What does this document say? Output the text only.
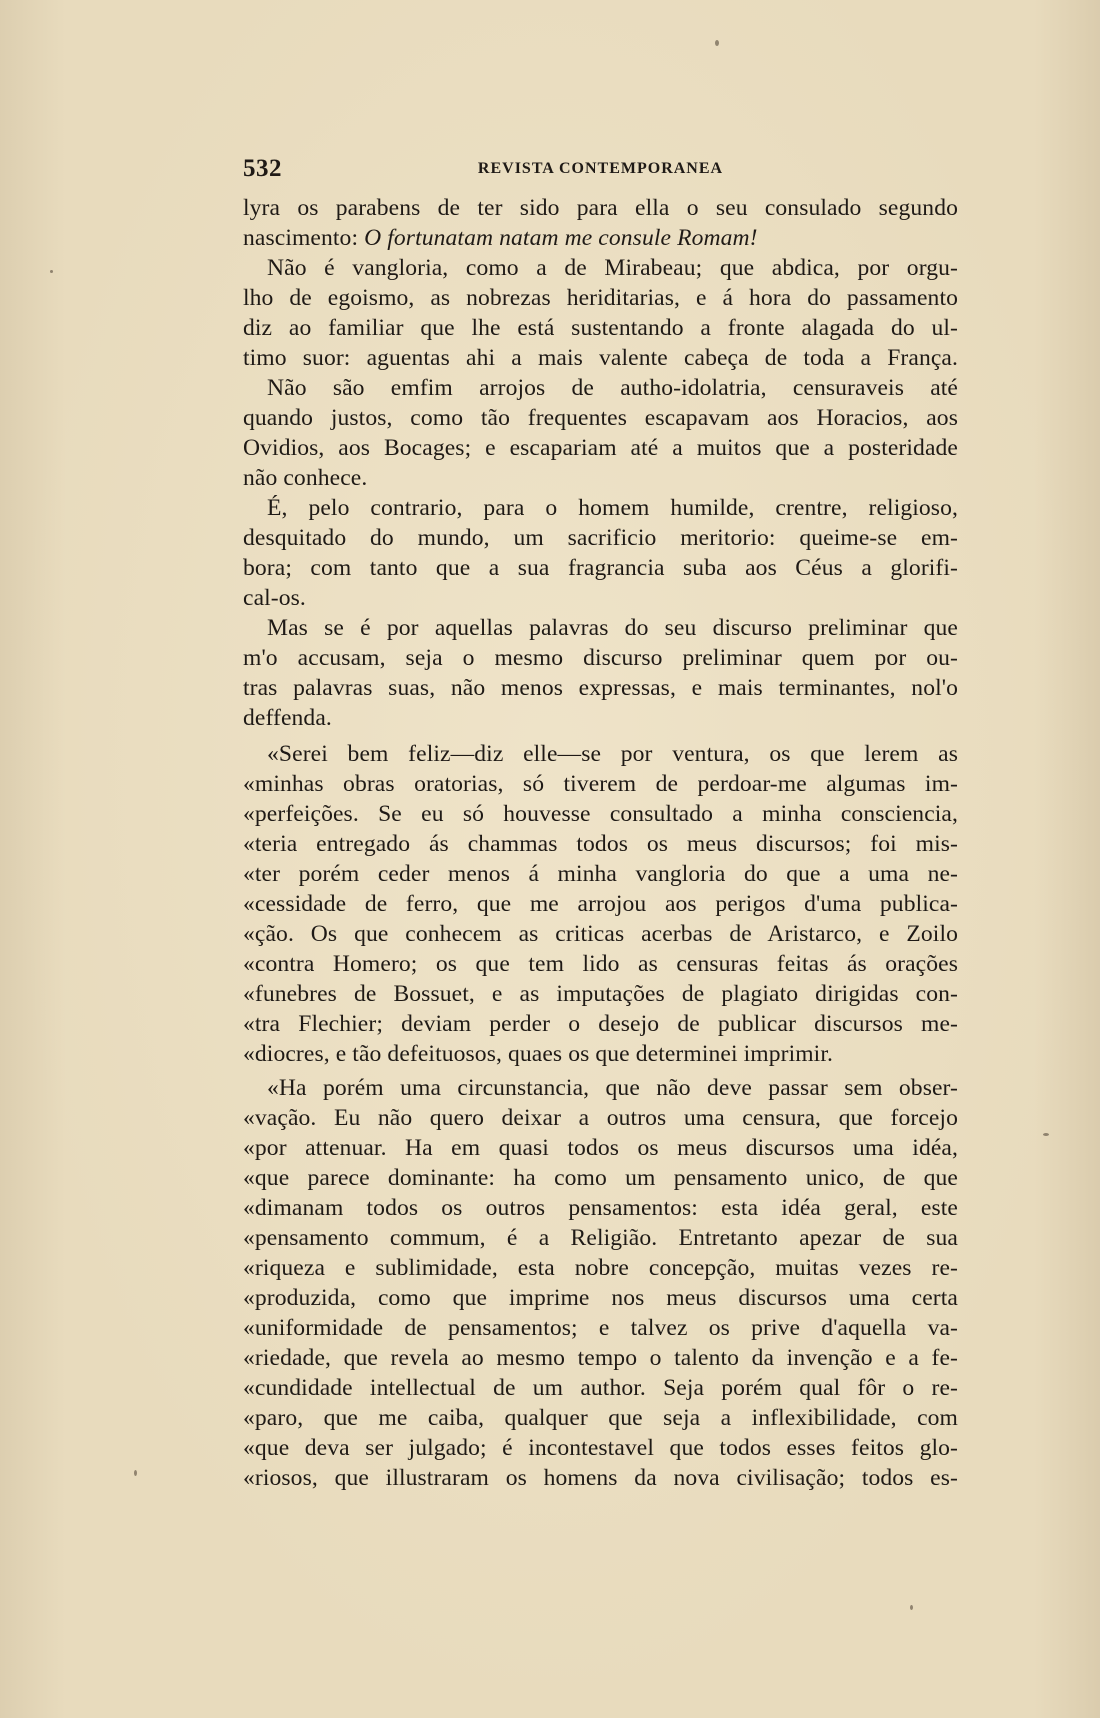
532	REVISTA CONTEMPORANEA
lyra os parabens de ter sido para ella o seu consulado segundo
nascimento: O fortunatam natam me consule Romam!
Não é vangloria, como a de Mirabeau; que abdica, por orgu-
lho de egoismo, as nobrezas heriditarias, e á hora do passamento
diz ao familiar que lhe está sustentando a fronte alagada do ul-
timo suor: aguentas ahi a mais valente cabeça de toda a França.
Não são emfim arrojos de autho-idolatria, censuraveis até
quando justos, como tão frequentes escapavam aos Horacios, aos
Ovidios, aos Bocages; e escapariam até a muitos que a posteridade
não conhece.
É, pelo contrario, para o homem humilde, crentre, religioso,
desquitado do mundo, um sacrificio meritorio: queime-se em-
bora; com tanto que a sua fragrancia suba aos Céus a glorifi-
cal-os.
Mas se é por aquellas palavras do seu discurso preliminar que
m'o accusam, seja o mesmo discurso preliminar quem por ou-
tras palavras suas, não menos expressas, e mais terminantes, nol'o
deffenda.
«Serei bem feliz—diz elle—se por ventura, os que lerem as
«minhas obras oratorias, só tiverem de perdoar-me algumas im-
«perfeições. Se eu só houvesse consultado a minha consciencia,
«teria entregado ás chammas todos os meus discursos; foi mis-
«ter porém ceder menos á minha vangloria do que a uma ne-
«cessidade de ferro, que me arrojou aos perigos d'uma publica-
«ção. Os que conhecem as criticas acerbas de Aristarco, e Zoilo
«contra Homero; os que tem lido as censuras feitas ás orações
«funebres de Bossuet, e as imputações de plagiato dirigidas con-
«tra Flechier; deviam perder o desejo de publicar discursos me-
«diocres, e tão defeituosos, quaes os que determinei imprimir.
«Ha porém uma circunstancia, que não deve passar sem obser-
«vação. Eu não quero deixar a outros uma censura, que forcejo
«por attenuar. Ha em quasi todos os meus discursos uma idéa,
«que parece dominante: ha como um pensamento unico, de que
«dimanam todos os outros pensamentos: esta idéa geral, este
«pensamento commum, é a Religião. Entretanto apezar de sua
«riqueza e sublimidade, esta nobre concepção, muitas vezes re-
«produzida, como que imprime nos meus discursos uma certa
«uniformidade de pensamentos; e talvez os prive d'aquella va-
«riedade, que revela ao mesmo tempo o talento da invenção e a fe-
«cundidade intellectual de um author. Seja porém qual fôr o re-
«paro, que me caiba, qualquer que seja a inflexibilidade, com
«que deva ser julgado; é incontestavel que todos esses feitos glo-
«riosos, que illustraram os homens da nova civilisação; todos es-
